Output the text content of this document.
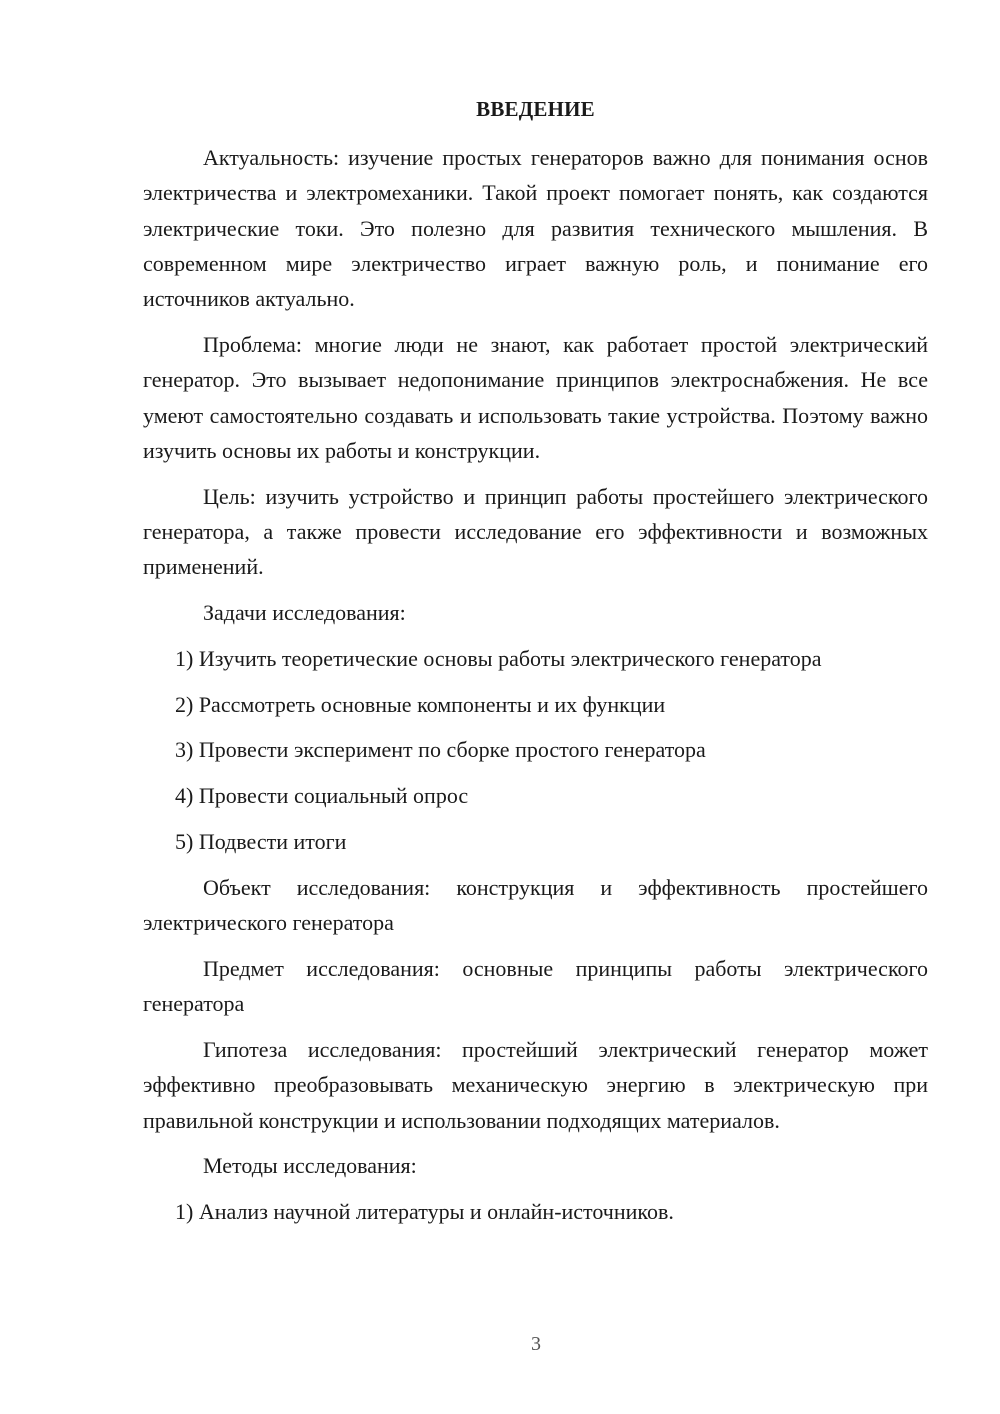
ВВЕДЕНИЕ

Актуальность: изучение простых генераторов важно для понимания основ электричества и электромеханики. Такой проект помогает понять, как создаются электрические токи. Это полезно для развития технического мышления. В современном мире электричество играет важную роль, и понимание его источников актуально.

Проблема: многие люди не знают, как работает простой электрический генератор. Это вызывает недопонимание принципов электроснабжения. Не все умеют самостоятельно создавать и использовать такие устройства. Поэтому важно изучить основы их работы и конструкции.

Цель: изучить устройство и принцип работы простейшего электрического генератора, а также провести исследование его эффективности и возможных применений.

Задачи исследования:

1) Изучить теоретические основы работы электрического генератора

2) Рассмотреть основные компоненты и их функции

3) Провести эксперимент по сборке простого генератора

4) Провести социальный опрос

5) Подвести итоги

Объект исследования: конструкция и эффективность простейшего электрического генератора

Предмет исследования: основные принципы работы электрического генератора

Гипотеза исследования: простейший электрический генератор может эффективно преобразовывать механическую энергию в электрическую при правильной конструкции и использовании подходящих материалов.

Методы исследования:

1) Анализ научной литературы и онлайн-источников.

3
